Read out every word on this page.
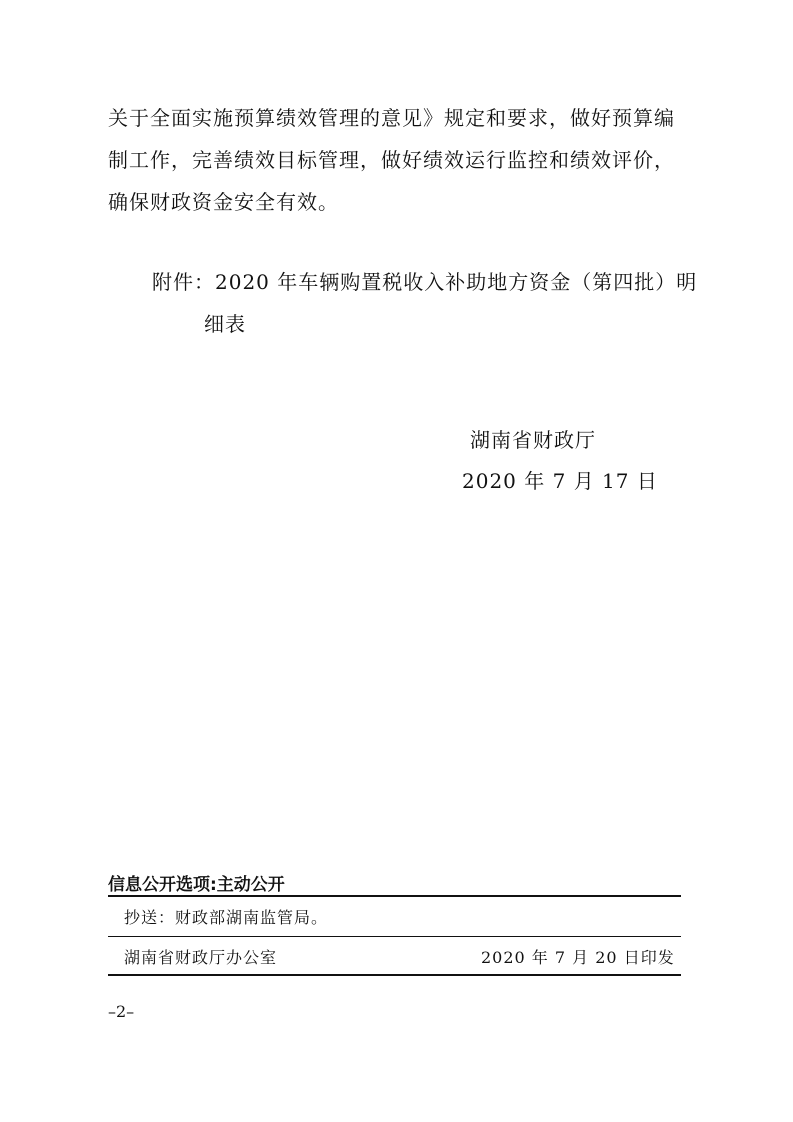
关于全面实施预算绩效管理的意见》规定和要求，做好预算编
制工作，完善绩效目标管理，做好绩效运行监控和绩效评价，
确保财政资金安全有效。
附件：2020 年车辆购置税收入补助地方资金（第四批）明
细表
湖南省财政厅
2020 年 7 月 17 日
信息公开选项:主动公开
抄送：财政部湖南监管局。
湖南省财政厅办公室	2020 年 7 月 20 日印发
–2–
